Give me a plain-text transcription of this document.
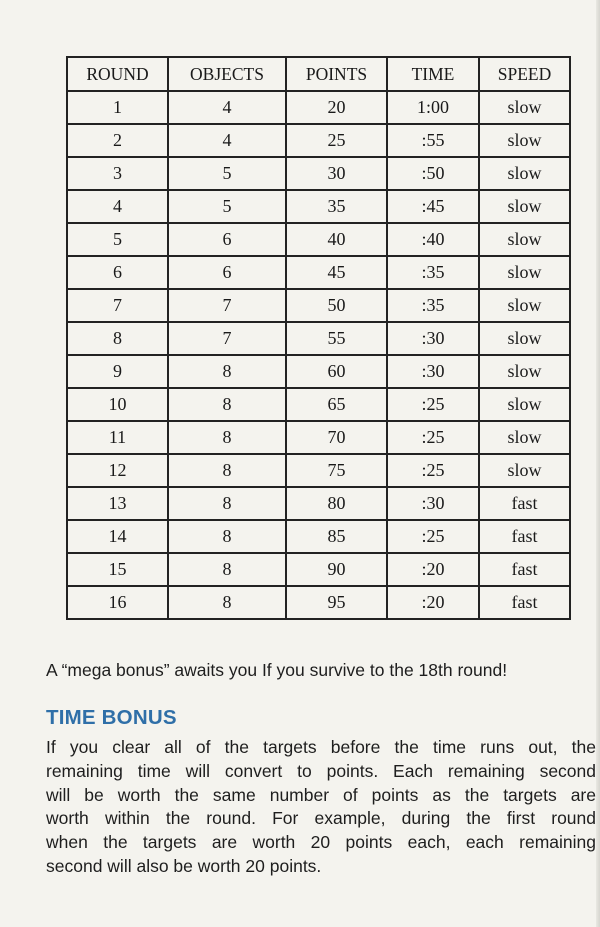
ROUND	OBJECTS	POINTS	TIME	SPEED
1	4	20	1:00	slow
2	4	25	:55	slow
3	5	30	:50	slow
4	5	35	:45	slow
5	6	40	:40	slow
6	6	45	:35	slow
7	7	50	:35	slow
8	7	55	:30	slow
9	8	60	:30	slow
10	8	65	:25	slow
11	8	70	:25	slow
12	8	75	:25	slow
13	8	80	:30	fast
14	8	85	:25	fast
15	8	90	:20	fast
16	8	95	:20	fast
A “mega bonus” awaits you If you survive to the 18th round!
TIME BONUS
If you clear all of the targets before the time runs out, the
remaining time will convert to points. Each remaining second
will be worth the same number of points as the targets are
worth within the round. For example, during the first round
when the targets are worth 20 points each, each remaining
second will also be worth 20 points.
